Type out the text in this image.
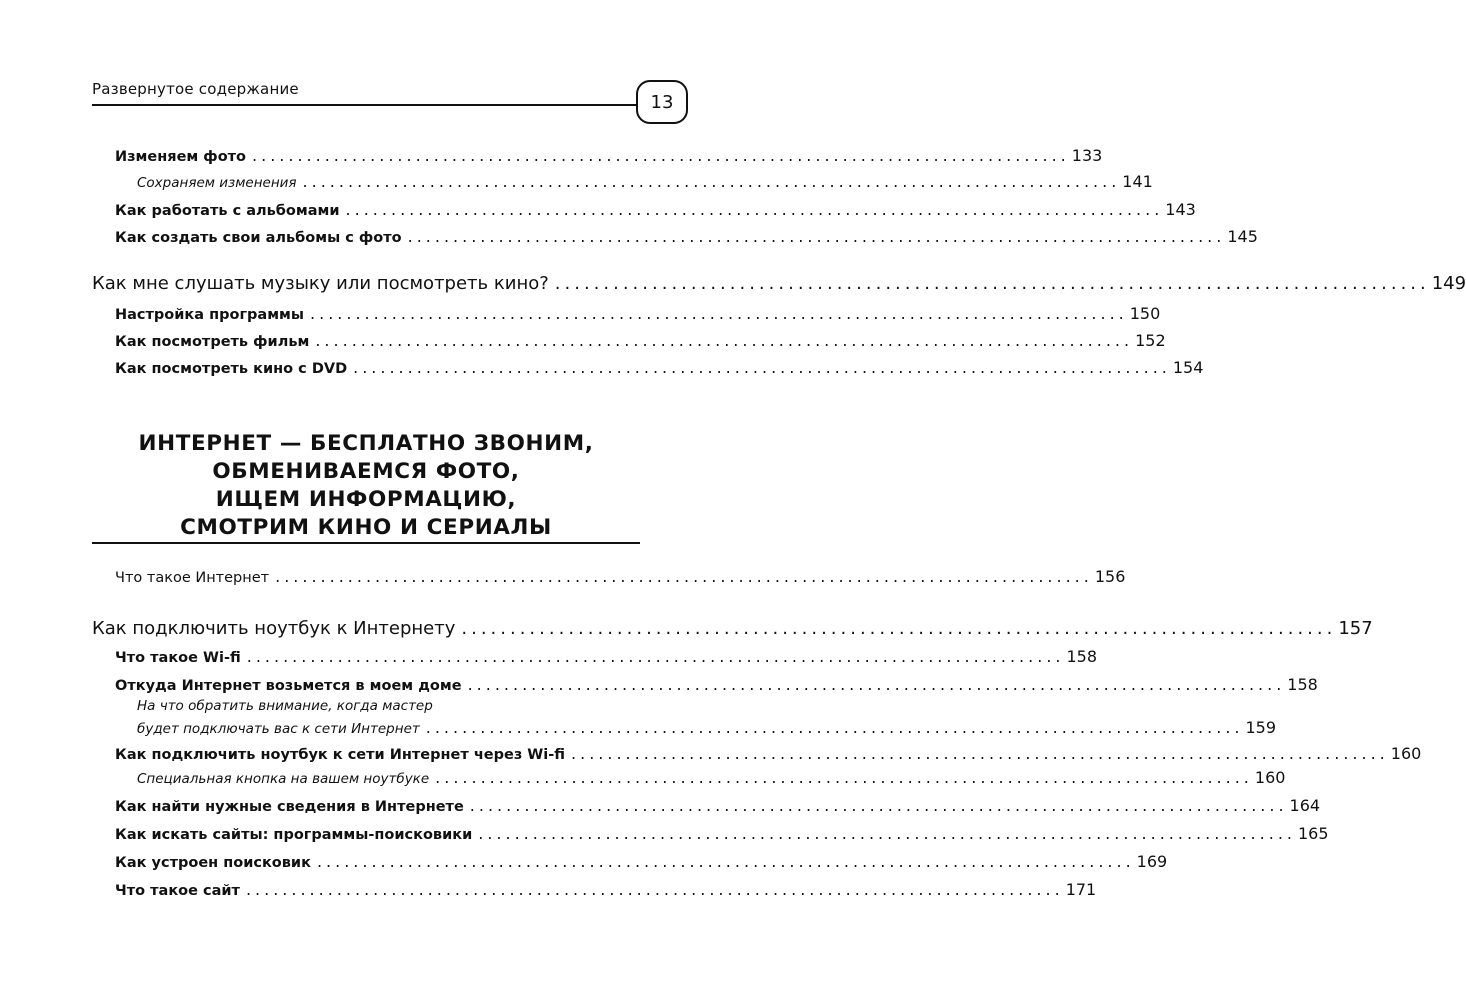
Развернутое содержание
13
Изменяем фото .......................................................................................... 133
Сохраняем изменения .......................................................................................... 141
Как работать с альбомами .......................................................................................... 143
Как создать свои альбомы с фото .......................................................................................... 145
Как мне слушать музыку или посмотреть кино? .......................................................................................... 149
Настройка программы .......................................................................................... 150
Как посмотреть фильм .......................................................................................... 152
Как посмотреть кино с DVD .......................................................................................... 154
ИНТЕРНЕТ — БЕСПЛАТНО ЗВОНИМ,
ОБМЕНИВАЕМСЯ ФОТО,
ИЩЕМ ИНФОРМАЦИЮ,
СМОТРИМ КИНО И СЕРИАЛЫ
Что такое Интернет .......................................................................................... 156
Как подключить ноутбук к Интернету .......................................................................................... 157
Что такое Wi-fi .......................................................................................... 158
Откуда Интернет возьмется в моем доме .......................................................................................... 158
На что обратить внимание, когда мастер
будет подключать вас к сети Интернет .......................................................................................... 159
Как подключить ноутбук к сети Интернет через Wi-fi .......................................................................................... 160
Специальная кнопка на вашем ноутбуке .......................................................................................... 160
Как найти нужные сведения в Интернете .......................................................................................... 164
Как искать сайты: программы-поисковики .......................................................................................... 165
Как устроен поисковик .......................................................................................... 169
Что такое сайт .......................................................................................... 171
